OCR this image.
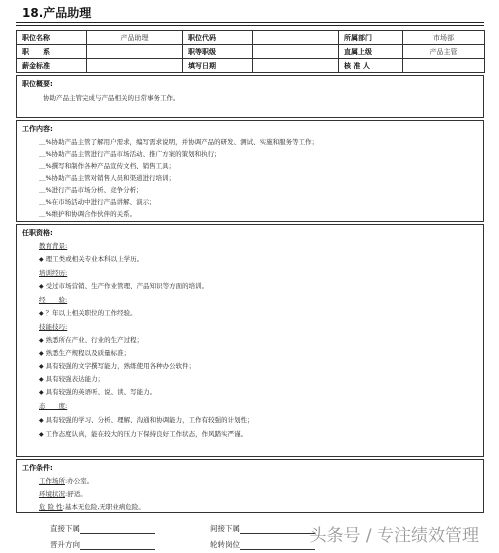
18.产品助理
职位名称	产品助理	职位代码		所属部门	市场部
职　　系		职等职级		直属上级	产品主管
薪金标准		填写日期		核 准 人	
职位概要:
协助产品主管完成与产品相关的日常事务工作。
工作内容:
＿%协助产品主管了解用户需求，编写需求说明，并协调产品的研发、测试、实施和服务等工作；
＿%协助产品主管进行产品市场活动、推广方案的策划和执行；
＿%撰写和制作各种产品宣传文档、销售工具；
＿%协助产品主管对销售人员和渠道进行培训；
＿%进行产品市场分析、竞争分析；
＿%在市场活动中进行产品讲解、演示；
＿%维护和协调合作伙伴的关系。
任职资格:
教育背景:
◆ 理工类或相关专业本科以上学历。
培训经历:
◆ 受过市场营销、生产作业管理、产品知识等方面的培训。
经　　验:
◆ ？年以上相关职位的工作经验。
技能技巧:
◆ 熟悉所在产业、行业的生产过程；
◆ 熟悉生产规程以及质量标准；
◆ 具有较强的文字撰写能力，熟练使用各种办公软件；
◆ 具有较强表达能力；
◆ 具有较强的英语听、说、读、写能力。
态　　度:
◆ 具有较强的学习、分析、理解、沟通和协调能力，工作有较强的计划性；
◆ 工作态度认真，能在较大的压力下保持良好工作状态，作风踏实严谨。
工作条件:
工作场所:办公室。
环境状况:舒适。
危 险 性:基本无危险,无职业病危险。
直接下属	间接下属
晋升方向	轮转岗位	头条号 / 专注绩效管理
